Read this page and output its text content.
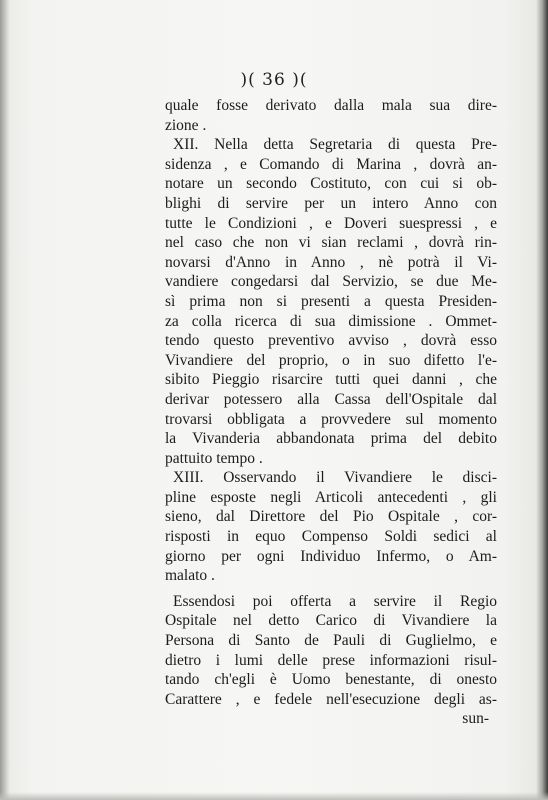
)( 36 )(
quale fosse derivato dalla mala sua dire-
zione .
XII. Nella detta Segretaria di questa Pre-
sidenza , e Comando di Marina , dovrà an-
notare un secondo Costituto, con cui si ob-
blighi di servire per un intero Anno con
tutte le Condizioni , e Doveri suespressi , e
nel caso che non vi sian reclami , dovrà rin-
novarsi d'Anno in Anno , nè potrà il Vi-
vandiere congedarsi dal Servizio, se due Me-
sì prima non si presenti a questa Presiden-
za colla ricerca di sua dimissione . Ommet-
tendo questo preventivo avviso , dovrà esso
Vivandiere del proprio, o in suo difetto l'e-
sibito Pieggio risarcire tutti quei danni , che
derivar potessero alla Cassa dell'Ospitale dal
trovarsi obbligata a provvedere sul momento
la Vivanderia abbandonata prima del debito
pattuito tempo .
XIII. Osservando il Vivandiere le disci-
pline esposte negli Articoli antecedenti , gli
sieno, dal Direttore del Pio Ospitale , cor-
risposti in equo Compenso Soldi sedici al
giorno per ogni Individuo Infermo, o Am-
malato .
Essendosi poi offerta a servire il Regio
Ospitale nel detto Carico di Vivandiere la
Persona di Santo de Pauli di Guglielmo, e
dietro i lumi delle prese informazioni risul-
tando ch'egli è Uomo benestante, di onesto
Carattere , e fedele nell'esecuzione degli as-
sun-
